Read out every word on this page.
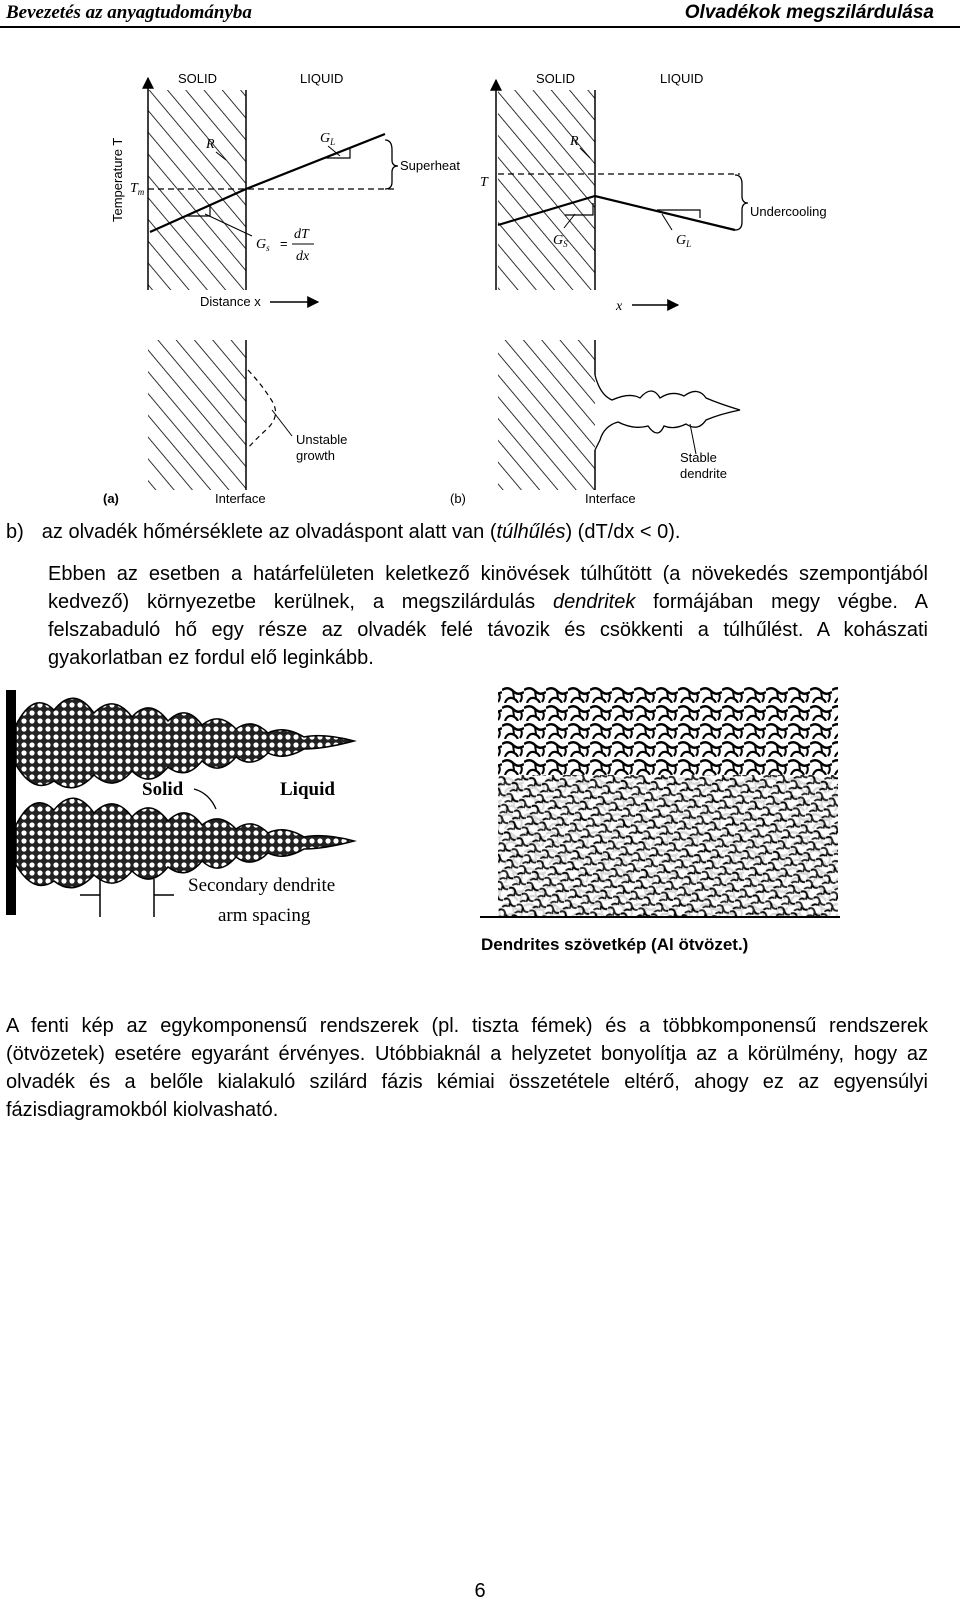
Bevezetés az anyagtudományba	Olvadékok megszilárdulása
SOLID	LIQUID
Temperature T $T_m$
R	$G_L$
Superheat
$G_s$ =
dT
dx
Distance x
SOLID	LIQUID
T
R
Undercooling
$G_S$	$G_L$
x
Unstable
growth
(a)	Interface
Stable
dendrite
(b)	Interface
b) az olvadék hőmérséklete az olvadáspont alatt van (túlhűlés) (dT/dx < 0).
Ebben az esetben a határfelületen keletkező kinövések túlhűtött (a növekedés szempontjából kedvező) környezetbe kerülnek, a megszilárdulás dendritek formájában megy végbe. A felszabaduló hő egy része az olvadék felé távozik és csökkenti a túlhűlést. A kohászati gyakorlatban ez fordul elő leginkább.
Solid	Liquid
Secondary dendrite
arm spacing
Dendrites szövetkép (Al ötvözet.)
A fenti kép az egykomponensű rendszerek (pl. tiszta fémek) és a többkomponensű rendszerek (ötvözetek) esetére egyaránt érvényes. Utóbbiaknál a helyzetet bonyolítja az a körülmény, hogy az olvadék és a belőle kialakuló szilárd fázis kémiai összetétele eltérő, ahogy ez az egyensúlyi fázisdiagramokból kiolvasható.
6
